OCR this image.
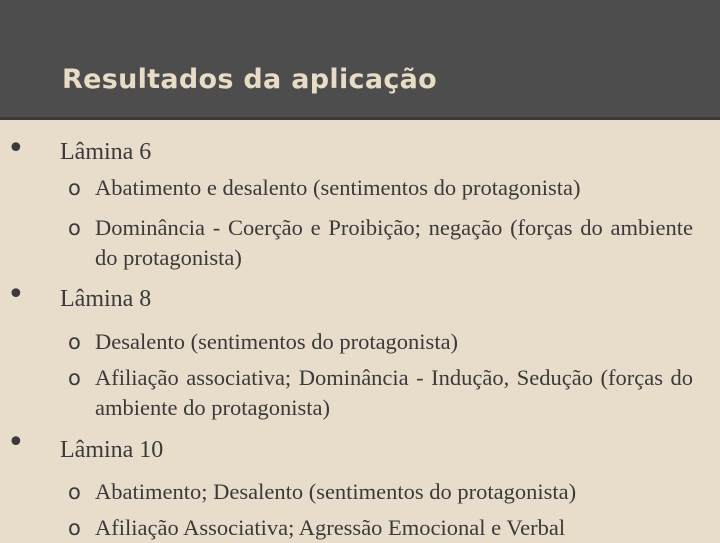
Resultados da aplicação
• Lâmina 6
o Abatimento e desalento (sentimentos do protagonista)
o Dominância - Coerção e Proibição; negação (forças do ambiente do protagonista)
• Lâmina 8
o Desalento (sentimentos do protagonista)
o Afiliação associativa; Dominância - Indução, Sedução (forças do ambiente do protagonista)
• Lâmina 10
o Abatimento; Desalento (sentimentos do protagonista)
o Afiliação Associativa; Agressão Emocional e Verbal
